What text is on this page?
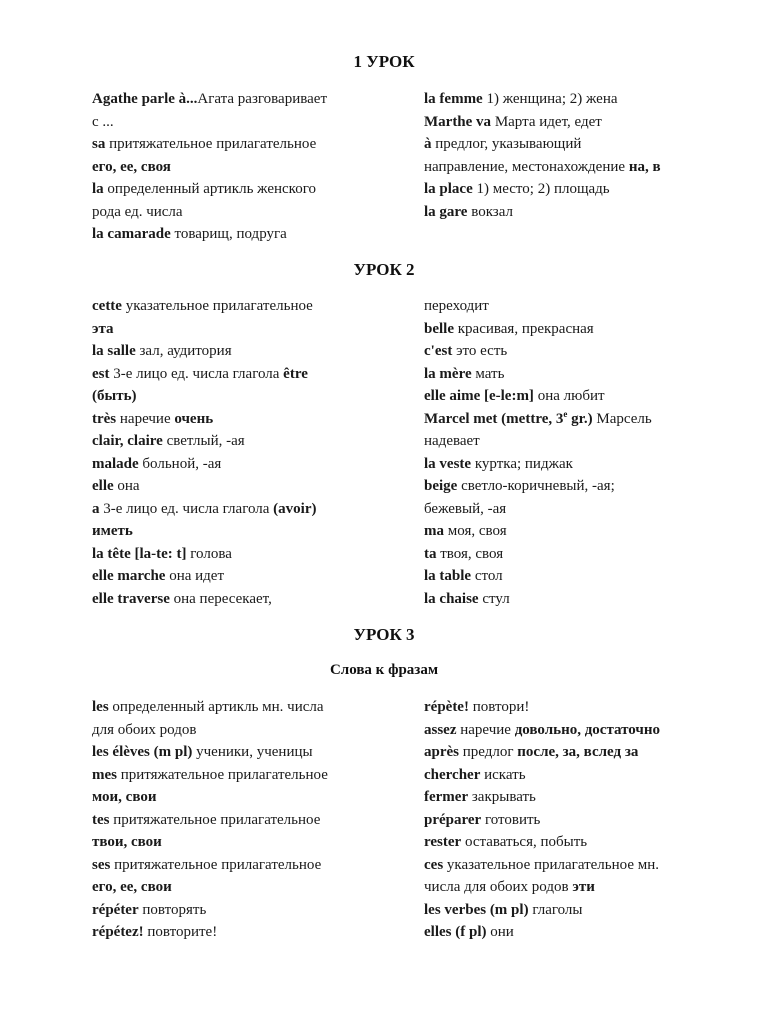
1 УРОК
Agathe parle à...Агата разговаривает
с ...
sa притяжательное прилагательное
его, ее, своя
la определенный артикль женского
рода ед. числа
la camarade товарищ, подруга
la femme 1) женщина; 2) жена
Marthe va Марта идет, едет
à предлог, указывающий
направление, местонахождение на, в
la place 1) место; 2) площадь
la gare вокзал
УРОК 2
cette указательное прилагательное
эта
la salle зал, аудитория
est 3-е лицо ед. числа глагола être
(быть)
très наречие очень
clair, claire светлый, -ая
malade больной, -ая
elle она
a 3-е лицо ед. числа глагола (avoir)
иметь
la tête [la-te: t] голова
elle marche она идет
elle traverse она пересекает,
переходит
belle красивая, прекрасная
c'est это есть
la mère мать
elle aime [e-le:m] она любит
Marcel met (mettre, 3e gr.) Марсель
надевает
la veste куртка; пиджак
beige светло-коричневый, -ая;
бежевый, -ая
ma моя, своя
ta твоя, своя
la table стол
la chaise стул
УРОК 3
Слова к фразам
les определенный артикль мн. числа
для обоих родов
les élèves (m pl) ученики, ученицы
mes притяжательное прилагательное
мои, свои
tes притяжательное прилагательное
твои, свои
ses притяжательное прилагательное
его, ее, свои
répéter повторять
répétez! повторите!
répète! повтори!
assez наречие довольно, достаточно
après предлог после, за, вслед за
chercher искать
fermer закрывать
préparer готовить
rester оставаться, побыть
ces указательное прилагательное мн.
числа для обоих родов эти
les verbes (m pl) глаголы
elles (f pl) они
